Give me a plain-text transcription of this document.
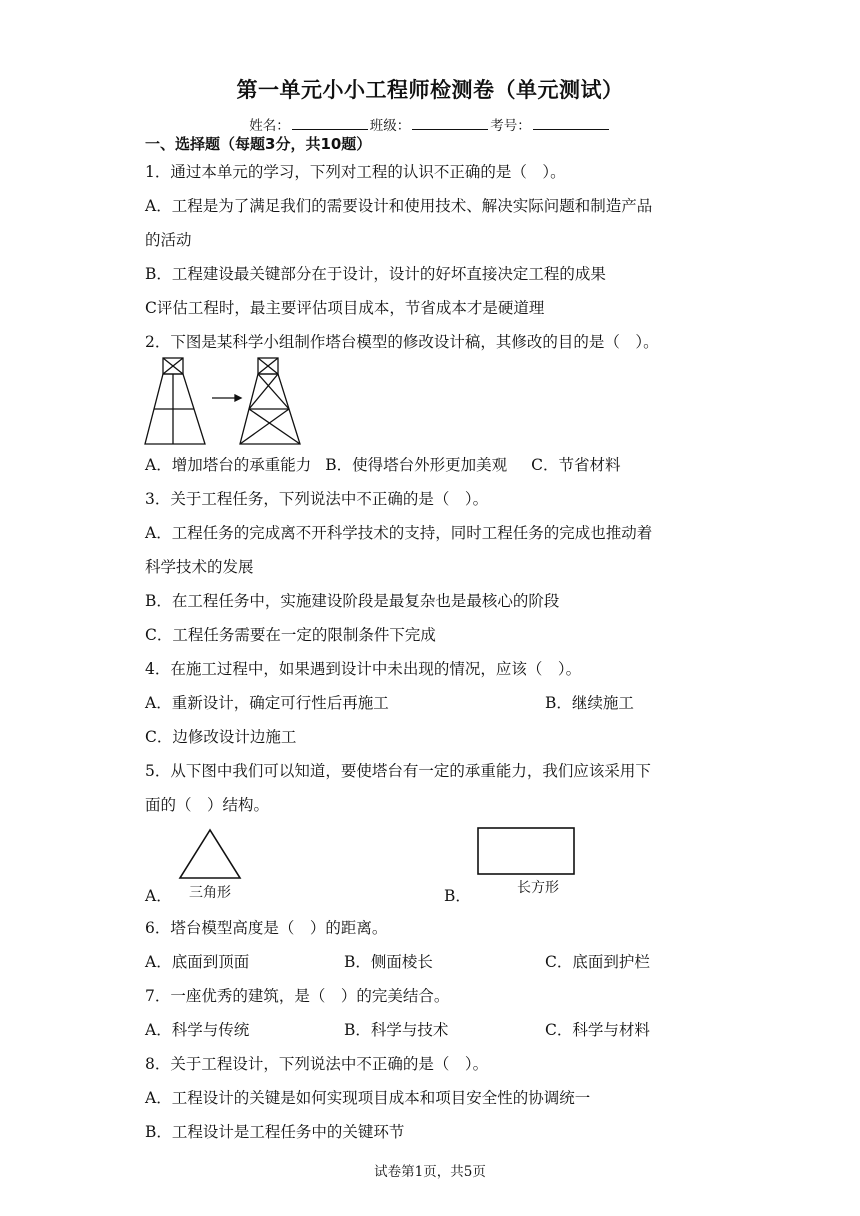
第一单元小小工程师检测卷（单元测试）
姓名：	班级：	考号：
一、选择题（每题3分，共10题）
1．通过本单元的学习，下列对工程的认识不正确的是（　）。
A．工程是为了满足我们的需要设计和使用技术、解决实际问题和制造产品
的活动
B．工程建设最关键部分在于设计，设计的好坏直接决定工程的成果
C评估工程时，最主要评估项目成本，节省成本才是硬道理
2．下图是某科学小组制作塔台模型的修改设计稿，其修改的目的是（　）。
A．增加塔台的承重能力 B．使得塔台外形更加美观 C．节省材料
3．关于工程任务，下列说法中不正确的是（　）。
A．工程任务的完成离不开科学技术的支持，同时工程任务的完成也推动着
科学技术的发展
B．在工程任务中，实施建设阶段是最复杂也是最核心的阶段
C．工程任务需要在一定的限制条件下完成
4．在施工过程中，如果遇到设计中未出现的情况，应该（　）。
A．重新设计，确定可行性后再施工	B．继续施工
C．边修改设计边施工
5．从下图中我们可以知道，要使塔台有一定的承重能力，我们应该采用下
面的（　）结构。
A． 三角形	B．	长方形
6．塔台模型高度是（　）的距离。
A．底面到顶面	B．侧面棱长	C．底面到护栏
7．一座优秀的建筑，是（　）的完美结合。
A．科学与传统	B．科学与技术	C．科学与材料
8．关于工程设计，下列说法中不正确的是（　）。
A．工程设计的关键是如何实现项目成本和项目安全性的协调统一
B．工程设计是工程任务中的关键环节
试卷第1页，共5页
